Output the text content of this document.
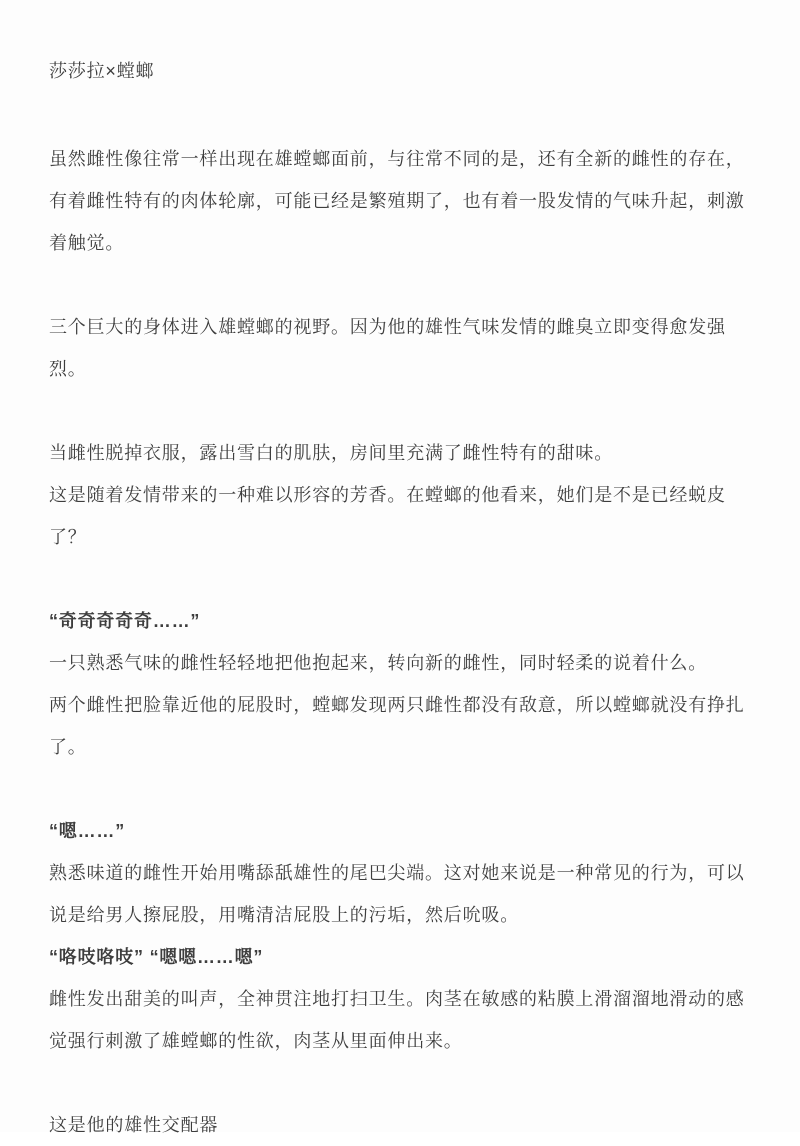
莎莎拉×螳螂

虽然雌性像往常一样出现在雄螳螂面前，与往常不同的是，还有全新的雌性的存在，有着雌性特有的肉体轮廓，可能已经是繁殖期了，也有着一股发情的气味升起，刺激着触觉。

三个巨大的身体进入雄螳螂的视野。因为他的雄性气味发情的雌臭立即变得愈发强烈。

当雌性脱掉衣服，露出雪白的肌肤，房间里充满了雌性特有的甜味。

这是随着发情带来的一种难以形容的芳香。在螳螂的他看来，她们是不是已经蜕皮了？

“奇奇奇奇奇……”

一只熟悉气味的雌性轻轻地把他抱起来，转向新的雌性，同时轻柔的说着什么。

两个雌性把脸靠近他的屁股时，螳螂发现两只雌性都没有敌意，所以螳螂就没有挣扎了。

“嗯……”

熟悉味道的雌性开始用嘴舔舐雄性的尾巴尖端。这对她来说是一种常见的行为，可以说是给男人擦屁股，用嘴清洁屁股上的污垢，然后吮吸。

“咯吱咯吱” “嗯嗯……嗯”

雌性发出甜美的叫声，全神贯注地打扫卫生。肉茎在敏感的粘膜上滑溜溜地滑动的感觉强行刺激了雄螳螂的性欲，肉茎从里面伸出来。

这是他的雄性交配器
